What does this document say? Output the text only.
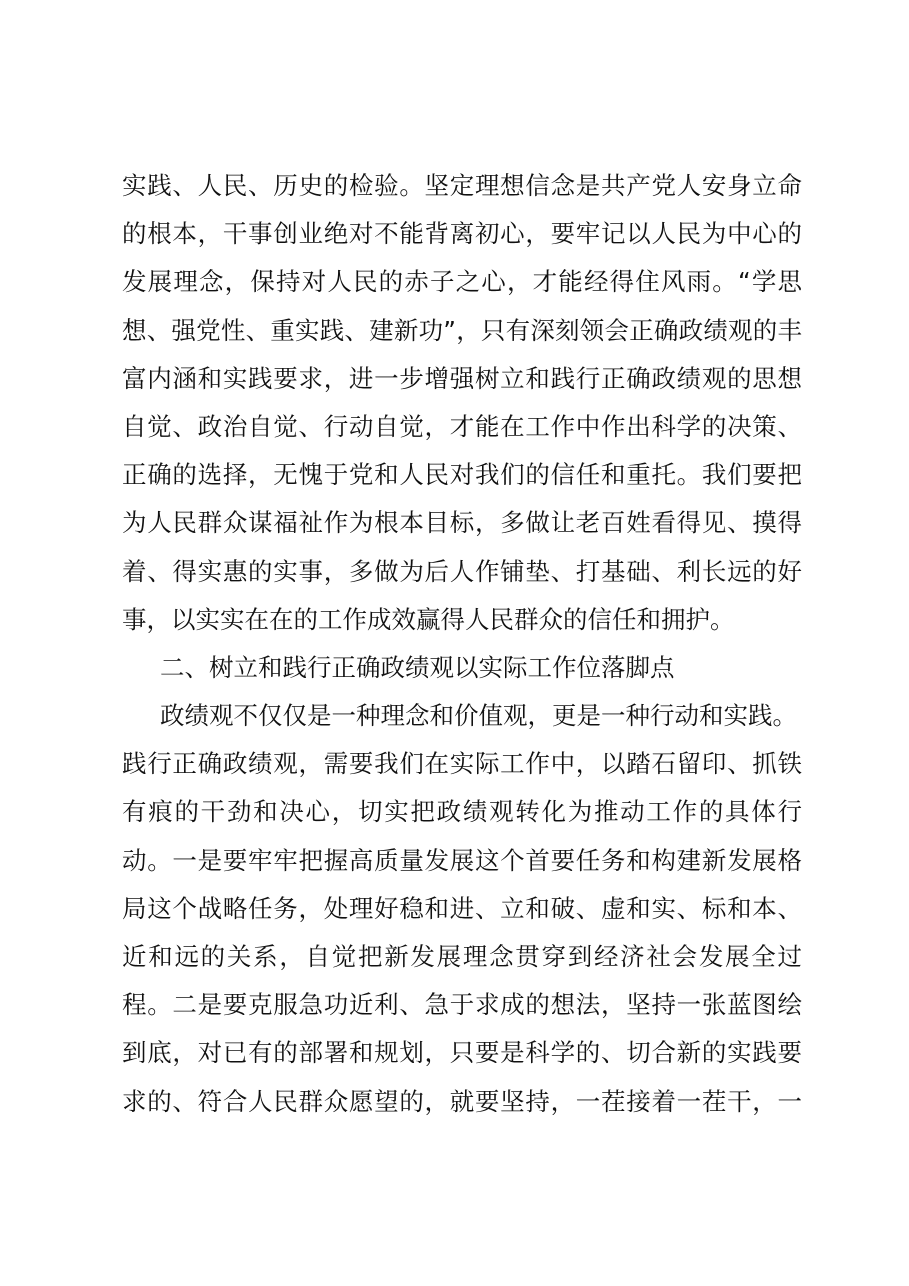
实践、人民、历史的检验。坚定理想信念是共产党人安身立命
的根本，干事创业绝对不能背离初心，要牢记以人民为中心的
发展理念，保持对人民的赤子之心，才能经得住风雨。“学思
想、强党性、重实践、建新功”，只有深刻领会正确政绩观的丰
富内涵和实践要求，进一步增强树立和践行正确政绩观的思想
自觉、政治自觉、行动自觉，才能在工作中作出科学的决策、
正确的选择，无愧于党和人民对我们的信任和重托。我们要把
为人民群众谋福祉作为根本目标，多做让老百姓看得见、摸得
着、得实惠的实事，多做为后人作铺垫、打基础、利长远的好
事，以实实在在的工作成效赢得人民群众的信任和拥护。
二、树立和践行正确政绩观以实际工作位落脚点
政绩观不仅仅是一种理念和价值观，更是一种行动和实践。
践行正确政绩观，需要我们在实际工作中，以踏石留印、抓铁
有痕的干劲和决心，切实把政绩观转化为推动工作的具体行
动。一是要牢牢把握高质量发展这个首要任务和构建新发展格
局这个战略任务，处理好稳和进、立和破、虚和实、标和本、
近和远的关系，自觉把新发展理念贯穿到经济社会发展全过
程。二是要克服急功近利、急于求成的想法，坚持一张蓝图绘
到底，对已有的部署和规划，只要是科学的、切合新的实践要
求的、符合人民群众愿望的，就要坚持，一茬接着一茬干，一
